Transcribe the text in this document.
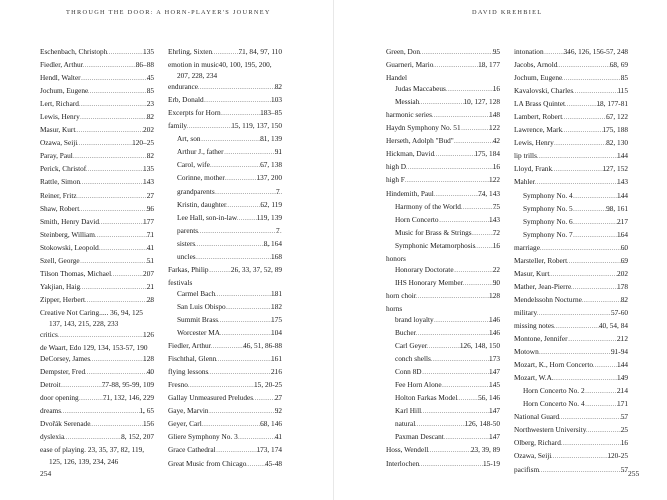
THROUGH THE DOOR: A HORN-PLAYER'S JOURNEY
Eschenbach, Christoph .....	135
Fiedler, Arthur .....	86–88
Hendl, Walter .....	45
Jochum, Eugene .....	85
Lert, Richard .....	23
Lewis, Henry .....	82
Masur, Kurt .....	202
Ozawa, Seiji .....	120–25
Paray, Paul .....	82
Perick, Christof .....	135
Rattle, Simon .....	143
Reiner, Fritz .....	27
Shaw, Robert .....	96
Smith, Henry David .....	177
Steinberg, William .....	71
Stokowski, Leopold .....	41
Szell, George .....	51
Tilson Thomas, Michael .....	207
Yakjian, Haig .....	21
Zipper, Herbert .....	28
Creative Not Caring..... 36, 94, 125
137, 143, 215, 228, 233
critics .....	126
de Waart, Edo 129, 134, 153-57, 190
DeCorsey, James .....	128
Dempster, Fred .....	40
Detroit .....	77-88, 95-99, 109
door opening .....	71, 132, 146, 229
dreams .....	1, 65
Dvořák Serenade .....	156
dyslexia .....	8, 152, 207
ease of playing. 23, 35, 37, 82, 119,
125, 126, 139, 234, 246
Ehrling, Sixten .....	71, 84, 97, 110
emotion in music40, 100, 195, 200,
207, 228, 234
endurance .....	82
Erb, Donald .....	103
Excerpts for Horn .....	183–85
family .....	15, 119, 137, 150
Art, son .....	81, 139
Arthur J., father .....	91
Carol, wife .....	67, 138
Corinne, mother .....	137, 200
grandparents .....	7
Kristin, daughter .....	62, 119
Lee Hall, son-in-law .....	119, 139
parents .....	7
sisters .....	8, 164
uncles .....	168
Farkas, Philip .....	26, 33, 37, 52, 89
festivals
Carmel Bach .....	181
San Luis Obispo .....	182
Summit Brass .....	175
Worcester MA .....	104
Fiedler, Arthur .....	46, 51, 86-88
Fischthal, Glenn .....	161
flying lessons .....	216
Fresno .....	15, 20-25
Gallay Unmeasured Preludes .....	27
Gaye, Marvin .....	92
Geyer, Carl .....	68, 146
Gliere Symphony No. 3 .....	41
Grace Cathedral .....	173, 174
Great Music from Chicago .....	45-48
254
DAVID KREHBIEL
Green, Don .....	95
Guarneri, Mario .....	18, 177
Handel
Judas Maccabeus .....	16
Messiah .....	10, 127, 128
harmonic series .....	148
Haydn Symphony No. 51 .....	122
Herseth, Adolph "Bud" .....	42
Hickman, David .....	175, 184
high D .....	16
high F .....	122
Hindemith, Paul .....	74, 143
Harmony of the World .....	75
Horn Concerto .....	143
Music for Brass & Strings .....	72
Symphonic Metamorphosis ..... 16
honors
Honorary Doctorate .....	22
IHS Honorary Member .....	90
horn choir .....	128
horns
brand loyalty .....	146
Bucher .....	146
Carl Geyer .....	126, 148, 150
conch shells .....	173
Conn 8D .....	147
Fee Horn Alone .....	145
Holton Farkas Model .....	56, 146
Karl Hill .....	147
natural .....	126, 148-50
Paxman Descant .....	147
Hoss, Wendell .....	23, 39, 89
Interlochen .....	15-19
intonation .....	346, 126, 156-57, 248
Jacobs, Arnold .....	68, 69
Jochum, Eugene .....	85
Kavalovski, Charles .....	115
LA Brass Quintet .....	18, 177-81
Lambert, Robert .....	67, 122
Lawrence, Mark .....	175, 188
Lewis, Henry .....	82, 130
lip trills .....	144
Lloyd, Frank .....	127, 152
Mahler .....	143
Symphony No. 4 .....	144
Symphony No. 5 .....	98, 161
Symphony No. 6 .....	217
Symphony No. 7 .....	164
marriage .....	60
Marsteller, Robert .....	69
Masur, Kurt .....	202
Mather, Jean-Pierre .....	178
Mendelssohn Nocturne .....	82
military .....	57-60
missing notes .....	40, 54, 84
Montone, Jennifer .....	212
Motown .....	91-94
Mozart, K., Horn Concerto .....	144
Mozart, W.A. .....	149
Horn Concerto No. 2 .....	214
Horn Concerto No. 4 .....	171
National Guard .....	57
Northwestern University .....	25
Olberg, Richard .....	16
Ozawa, Seiji .....	120-25
pacifism .....	57 255
